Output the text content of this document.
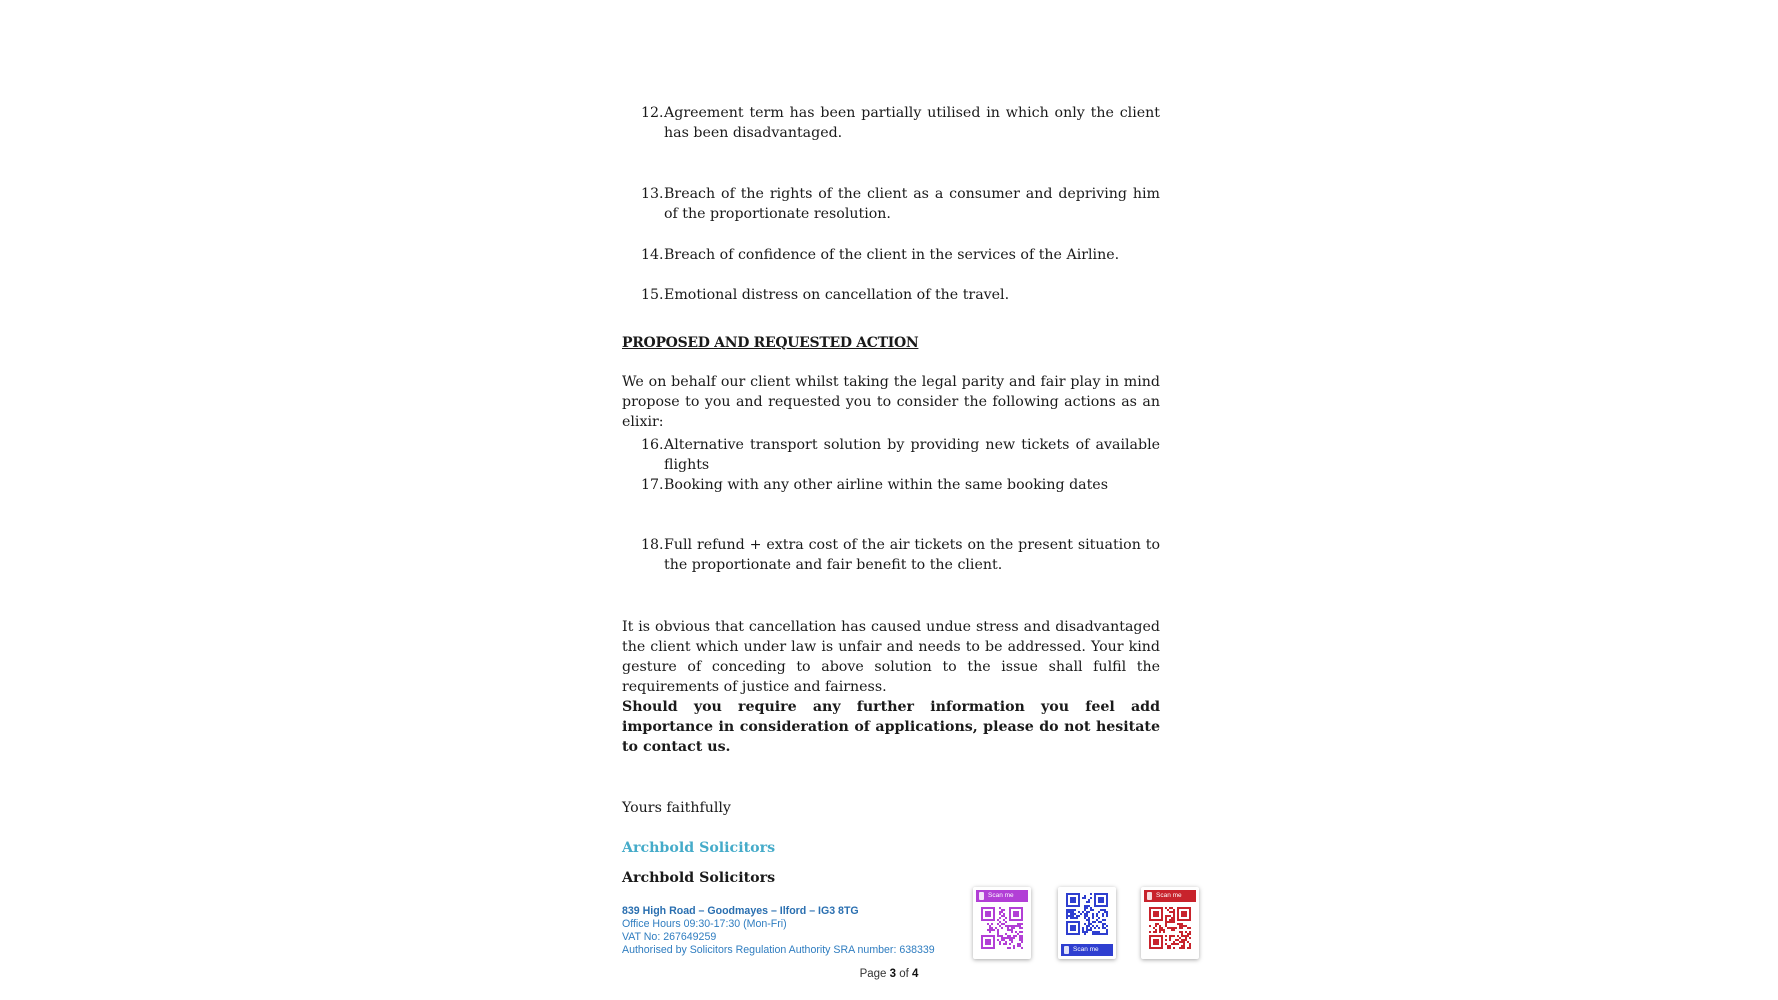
12. Agreement term has been partially utilised in which only the client has been disadvantaged.
13. Breach of the rights of the client as a consumer and depriving him of the proportionate resolution.
14. Breach of confidence of the client in the services of the Airline.
15. Emotional distress on cancellation of the travel.
PROPOSED AND REQUESTED ACTION
We on behalf our client whilst taking the legal parity and fair play in mind propose to you and requested you to consider the following actions as an elixir:
16. Alternative transport solution by providing new tickets of available flights
17. Booking with any other airline within the same booking dates
18. Full refund + extra cost of the air tickets on the present situation to the proportionate and fair benefit to the client.
It is obvious that cancellation has caused undue stress and disadvantaged the client which under law is unfair and needs to be addressed. Your kind gesture of conceding to above solution to the issue shall fulfil the requirements of justice and fairness.
Should you require any further information you feel add importance in consideration of applications, please do not hesitate to contact us.
Yours faithfully
Archbold Solicitors
Archbold Solicitors
839 High Road – Goodmayes – Ilford – IG3 8TG
Office Hours 09:30-17:30 (Mon-Fri)
VAT No: 267649259
Authorised by Solicitors Regulation Authority SRA number: 638339
Scan me
Scan me
Scan me
Page 3 of 4
